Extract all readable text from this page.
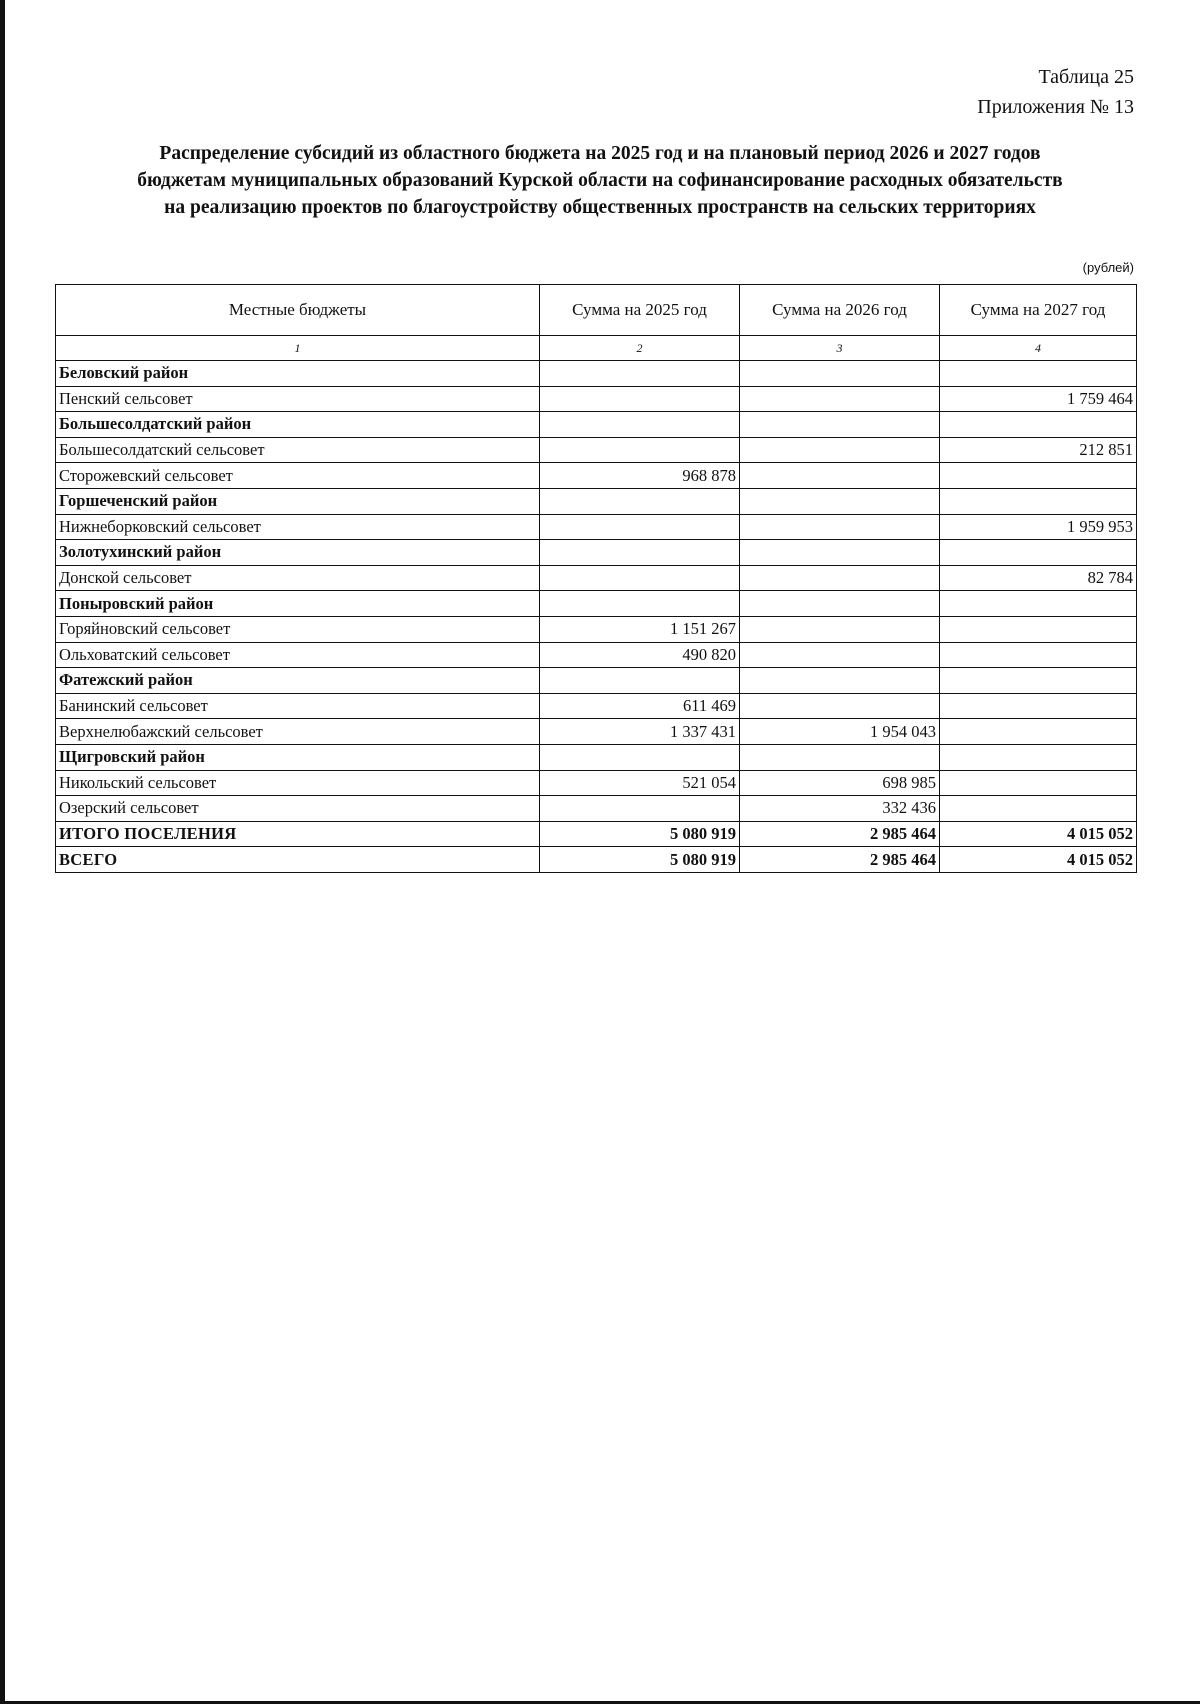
Таблица 25
Приложения № 13
Распределение субсидий из областного бюджета на 2025 год и на плановый период 2026 и 2027 годов
бюджетам муниципальных образований Курской области на софинансирование расходных обязательств
на реализацию проектов по благоустройству общественных пространств на сельских территориях
(рублей)
Местные бюджеты	Сумма на 2025 год	Сумма на 2026 год	Сумма на 2027 год
1	2	3	4
Беловский район			
Пенский сельсовет			1 759 464
Большесолдатский район			
Большесолдатский сельсовет			212 851
Сторожевский сельсовет	968 878		
Горшеченский район			
Нижнеборковский сельсовет			1 959 953
Золотухинский район			
Донской сельсовет			82 784
Поныровский район			
Горяйновский сельсовет	1 151 267		
Ольховатский сельсовет	490 820		
Фатежский район			
Банинский сельсовет	611 469		
Верхнелюбажский сельсовет	1 337 431	1 954 043	
Щигровский район			
Никольский сельсовет	521 054	698 985	
Озерский сельсовет		332 436	
ИТОГО ПОСЕЛЕНИЯ	5 080 919	2 985 464	4 015 052
ВСЕГО	5 080 919	2 985 464	4 015 052
